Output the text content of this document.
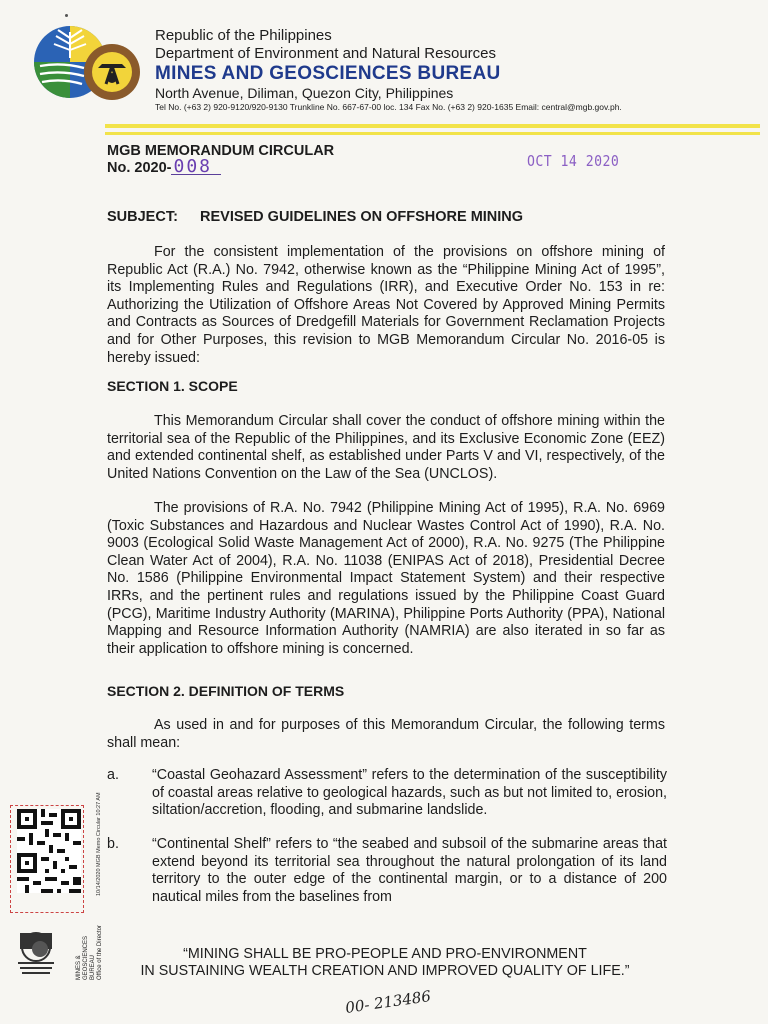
Republic of the Philippines
Department of Environment and Natural Resources
MINES AND GEOSCIENCES BUREAU
North Avenue, Diliman, Quezon City, Philippines
Tel No. (+63 2) 920-9120/920-9130 Trunkline No. 667-67-00 loc. 134 Fax No. (+63 2) 920-1635 Email: central@mgb.gov.ph.
MGB MEMORANDUM CIRCULAR
No. 2020- 008	OCT 14 2020
SUBJECT: REVISED GUIDELINES ON OFFSHORE MINING

For the consistent implementation of the provisions on offshore mining of Republic Act (R.A.) No. 7942, otherwise known as the “Philippine Mining Act of 1995”, its Implementing Rules and Regulations (IRR), and Executive Order No. 153 in re: Authorizing the Utilization of Offshore Areas Not Covered by Approved Mining Permits and Contracts as Sources of Dredgefill Materials for Government Reclamation Projects and for Other Purposes, this revision to MGB Memorandum Circular No. 2016-05 is hereby issued:

SECTION 1. SCOPE

This Memorandum Circular shall cover the conduct of offshore mining within the territorial sea of the Republic of the Philippines, and its Exclusive Economic Zone (EEZ) and extended continental shelf, as established under Parts V and VI, respectively, of the United Nations Convention on the Law of the Sea (UNCLOS).

The provisions of R.A. No. 7942 (Philippine Mining Act of 1995), R.A. No. 6969 (Toxic Substances and Hazardous and Nuclear Wastes Control Act of 1990), R.A. No. 9003 (Ecological Solid Waste Management Act of 2000), R.A. No. 9275 (The Philippine Clean Water Act of 2004), R.A. No. 11038 (ENIPAS Act of 2018), Presidential Decree No. 1586 (Philippine Environmental Impact Statement System) and their respective IRRs, and the pertinent rules and regulations issued by the Philippine Coast Guard (PCG), Maritime Industry Authority (MARINA), Philippine Ports Authority (PPA), National Mapping and Resource Information Authority (NAMRIA) are also iterated in so far as their application to offshore mining is concerned.

SECTION 2. DEFINITION OF TERMS

As used in and for purposes of this Memorandum Circular, the following terms shall mean:

a. “Coastal Geohazard Assessment” refers to the determination of the susceptibility of coastal areas relative to geological hazards, such as but not limited to, erosion, siltation/accretion, flooding, and submarine landslide.
b. “Continental Shelf” refers to “the seabed and subsoil of the submarine areas that extend beyond its territorial sea throughout the natural prolongation of its land territory to the outer edge of the continental margin, or to a distance of 200 nautical miles from the baselines from
10/14/2020 MGB Memo Circular 10:27 AM
MINES & GEOSCIENCES BUREAU Office of the Director	“MINING SHALL BE PRO-PEOPLE AND PRO-ENVIRONMENT
IN SUSTAINING WEALTH CREATION AND IMPROVED QUALITY OF LIFE.”
00- 213486
